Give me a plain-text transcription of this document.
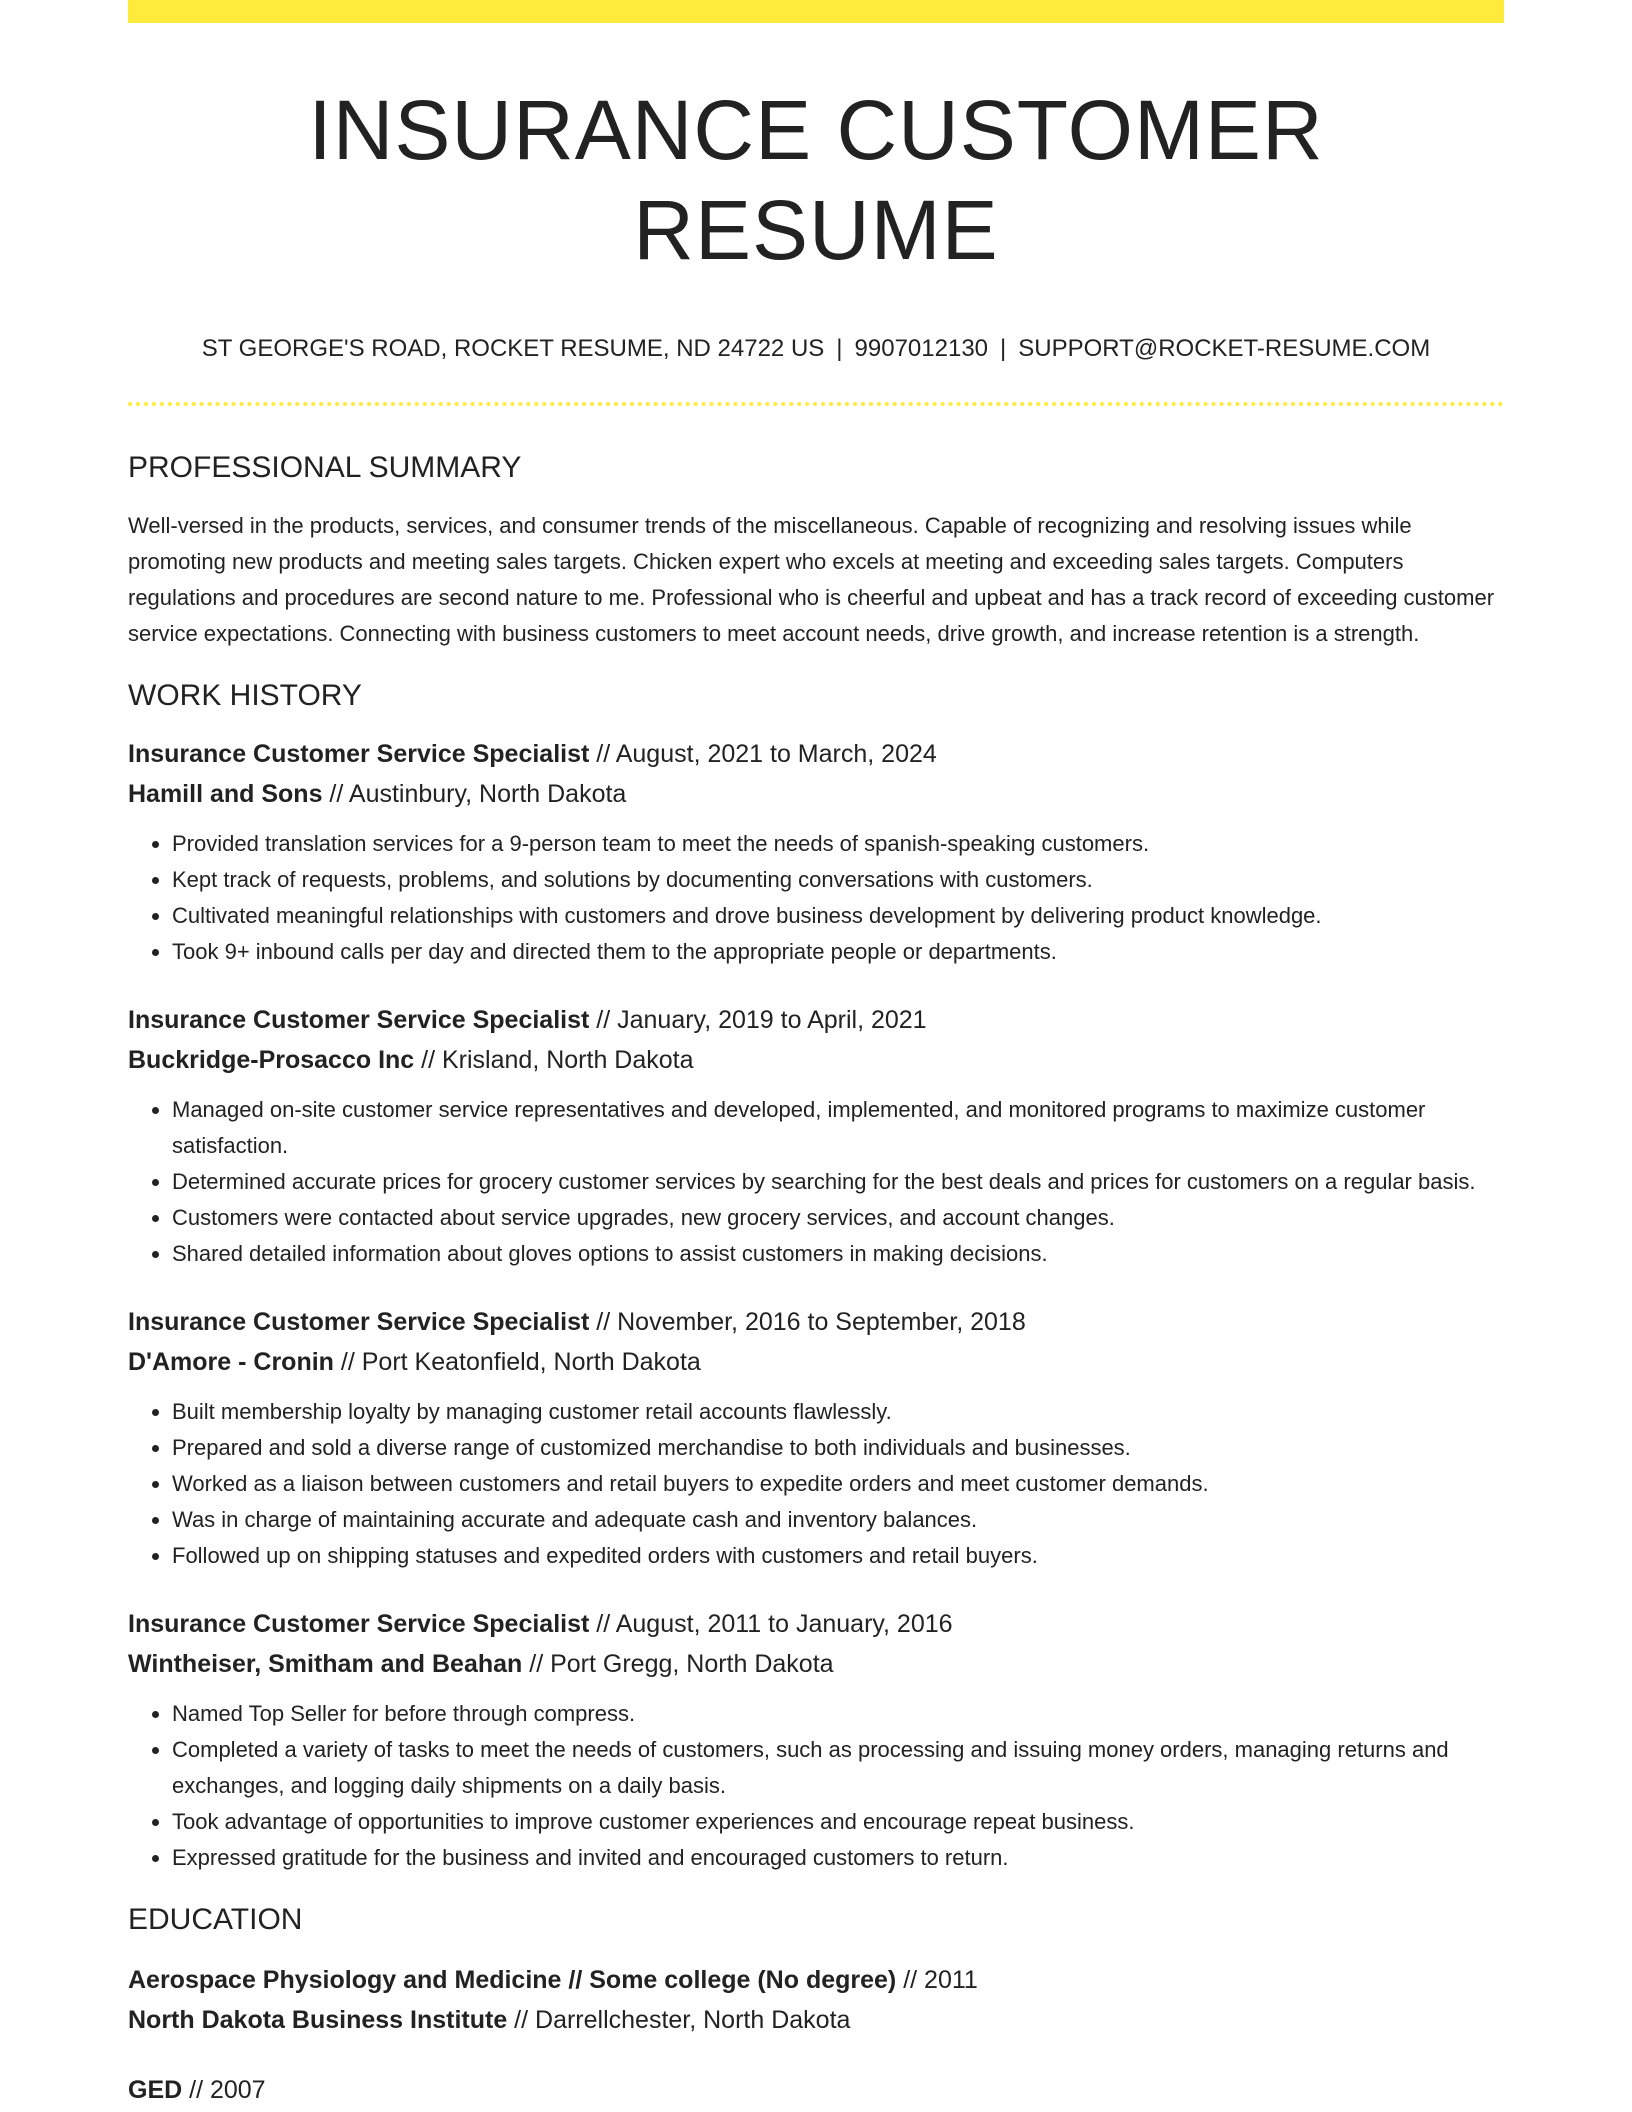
INSURANCE CUSTOMER RESUME
ST GEORGE'S ROAD, ROCKET RESUME, ND 24722 US | 9907012130 | SUPPORT@ROCKET-RESUME.COM
PROFESSIONAL SUMMARY
Well-versed in the products, services, and consumer trends of the miscellaneous. Capable of recognizing and resolving issues while promoting new products and meeting sales targets. Chicken expert who excels at meeting and exceeding sales targets. Computers regulations and procedures are second nature to me. Professional who is cheerful and upbeat and has a track record of exceeding customer service expectations. Connecting with business customers to meet account needs, drive growth, and increase retention is a strength.
WORK HISTORY
Insurance Customer Service Specialist // August, 2021 to March, 2024
Hamill and Sons // Austinbury, North Dakota
• Provided translation services for a 9-person team to meet the needs of spanish-speaking customers.
• Kept track of requests, problems, and solutions by documenting conversations with customers.
• Cultivated meaningful relationships with customers and drove business development by delivering product knowledge.
• Took 9+ inbound calls per day and directed them to the appropriate people or departments.
Insurance Customer Service Specialist // January, 2019 to April, 2021
Buckridge-Prosacco Inc // Krisland, North Dakota
• Managed on-site customer service representatives and developed, implemented, and monitored programs to maximize customer satisfaction.
• Determined accurate prices for grocery customer services by searching for the best deals and prices for customers on a regular basis.
• Customers were contacted about service upgrades, new grocery services, and account changes.
• Shared detailed information about gloves options to assist customers in making decisions.
Insurance Customer Service Specialist // November, 2016 to September, 2018
D'Amore - Cronin // Port Keatonfield, North Dakota
• Built membership loyalty by managing customer retail accounts flawlessly.
• Prepared and sold a diverse range of customized merchandise to both individuals and businesses.
• Worked as a liaison between customers and retail buyers to expedite orders and meet customer demands.
• Was in charge of maintaining accurate and adequate cash and inventory balances.
• Followed up on shipping statuses and expedited orders with customers and retail buyers.
Insurance Customer Service Specialist // August, 2011 to January, 2016
Wintheiser, Smitham and Beahan // Port Gregg, North Dakota
• Named Top Seller for before through compress.
• Completed a variety of tasks to meet the needs of customers, such as processing and issuing money orders, managing returns and exchanges, and logging daily shipments on a daily basis.
• Took advantage of opportunities to improve customer experiences and encourage repeat business.
• Expressed gratitude for the business and invited and encouraged customers to return.
EDUCATION
Aerospace Physiology and Medicine // Some college (No degree) // 2011
North Dakota Business Institute // Darrellchester, North Dakota
GED // 2007
